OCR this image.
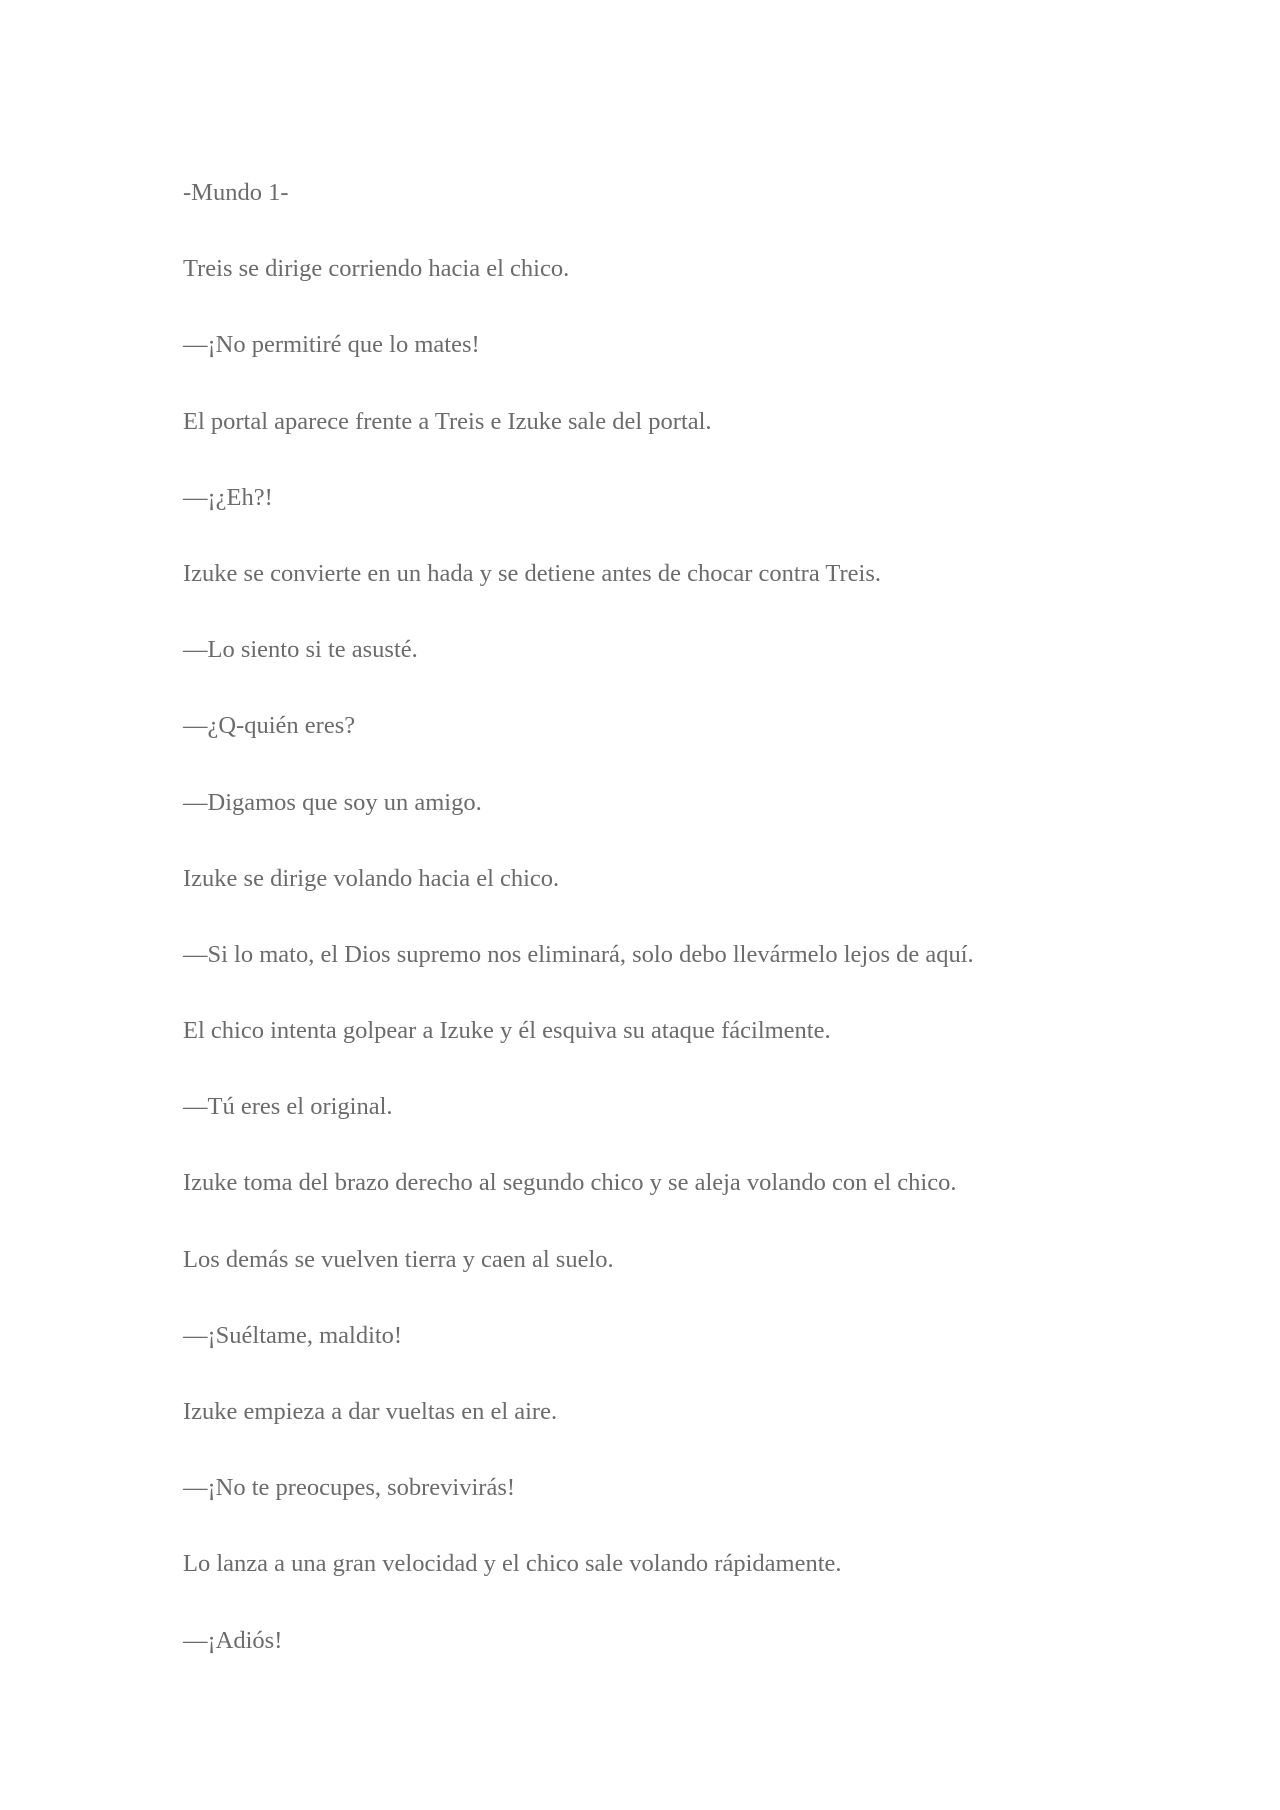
-Mundo 1-

Treis se dirige corriendo hacia el chico.

—¡No permitiré que lo mates!

El portal aparece frente a Treis e Izuke sale del portal.

—¡¿Eh?!

Izuke se convierte en un hada y se detiene antes de chocar contra Treis.

—Lo siento si te asusté.

—¿Q-quién eres?

—Digamos que soy un amigo.

Izuke se dirige volando hacia el chico.

—Si lo mato, el Dios supremo nos eliminará, solo debo llevármelo lejos de aquí.

El chico intenta golpear a Izuke y él esquiva su ataque fácilmente.

—Tú eres el original.

Izuke toma del brazo derecho al segundo chico y se aleja volando con el chico.

Los demás se vuelven tierra y caen al suelo.

—¡Suéltame, maldito!

Izuke empieza a dar vueltas en el aire.

—¡No te preocupes, sobrevivirás!

Lo lanza a una gran velocidad y el chico sale volando rápidamente.

—¡Adiós!
